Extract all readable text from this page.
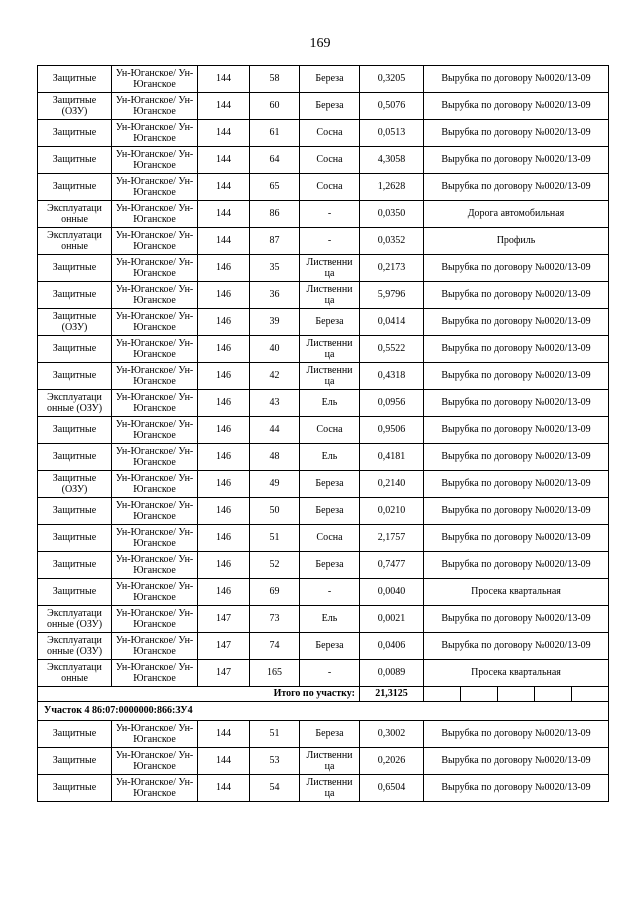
169
Защитные	Ун-Юганское/ Ун-Юганское	144	58	Береза	0,3205	Вырубка по договору №0020/13-09
Защитные (ОЗУ)	Ун-Юганское/ Ун-Юганское	144	60	Береза	0,5076	Вырубка по договору №0020/13-09
Защитные	Ун-Юганское/ Ун-Юганское	144	61	Сосна	0,0513	Вырубка по договору №0020/13-09
Защитные	Ун-Юганское/ Ун-Юганское	144	64	Сосна	4,3058	Вырубка по договору №0020/13-09
Защитные	Ун-Юганское/ Ун-Юганское	144	65	Сосна	1,2628	Вырубка по договору №0020/13-09
Эксплуатаци онные	Ун-Юганское/ Ун-Юганское	144	86	-	0,0350	Дорога автомобильная
Эксплуатаци онные	Ун-Юганское/ Ун-Юганское	144	87	-	0,0352	Профиль
Защитные	Ун-Юганское/ Ун-Юганское	146	35	Лиственни ца	0,2173	Вырубка по договору №0020/13-09
Защитные	Ун-Юганское/ Ун-Юганское	146	36	Лиственни ца	5,9796	Вырубка по договору №0020/13-09
Защитные (ОЗУ)	Ун-Юганское/ Ун-Юганское	146	39	Береза	0,0414	Вырубка по договору №0020/13-09
Защитные	Ун-Юганское/ Ун-Юганское	146	40	Лиственни ца	0,5522	Вырубка по договору №0020/13-09
Защитные	Ун-Юганское/ Ун-Юганское	146	42	Лиственни ца	0,4318	Вырубка по договору №0020/13-09
Эксплуатаци онные (ОЗУ)	Ун-Юганское/ Ун-Юганское	146	43	Ель	0,0956	Вырубка по договору №0020/13-09
Защитные	Ун-Юганское/ Ун-Юганское	146	44	Сосна	0,9506	Вырубка по договору №0020/13-09
Защитные	Ун-Юганское/ Ун-Юганское	146	48	Ель	0,4181	Вырубка по договору №0020/13-09
Защитные (ОЗУ)	Ун-Юганское/ Ун-Юганское	146	49	Береза	0,2140	Вырубка по договору №0020/13-09
Защитные	Ун-Юганское/ Ун-Юганское	146	50	Береза	0,0210	Вырубка по договору №0020/13-09
Защитные	Ун-Юганское/ Ун-Юганское	146	51	Сосна	2,1757	Вырубка по договору №0020/13-09
Защитные	Ун-Юганское/ Ун-Юганское	146	52	Береза	0,7477	Вырубка по договору №0020/13-09
Защитные	Ун-Юганское/ Ун-Юганское	146	69	-	0,0040	Просека квартальная
Эксплуатаци онные (ОЗУ)	Ун-Юганское/ Ун-Юганское	147	73	Ель	0,0021	Вырубка по договору №0020/13-09
Эксплуатаци онные (ОЗУ)	Ун-Юганское/ Ун-Юганское	147	74	Береза	0,0406	Вырубка по договору №0020/13-09
Эксплуатаци онные	Ун-Юганское/ Ун-Юганское	147	165	-	0,0089	Просека квартальная
Итого по участку:					21,3125	

Участок 4 86:07:0000000:866:ЗУ4						
Защитные	Ун-Юганское/ Ун-Юганское	144	51	Береза	0,3002	Вырубка по договору №0020/13-09
Защитные	Ун-Юганское/ Ун-Юганское	144	53	Лиственни ца	0,2026	Вырубка по договору №0020/13-09
Защитные	Ун-Юганское/ Ун-Юганское	144	54	Лиственни ца	0,6504	Вырубка по договору №0020/13-09
